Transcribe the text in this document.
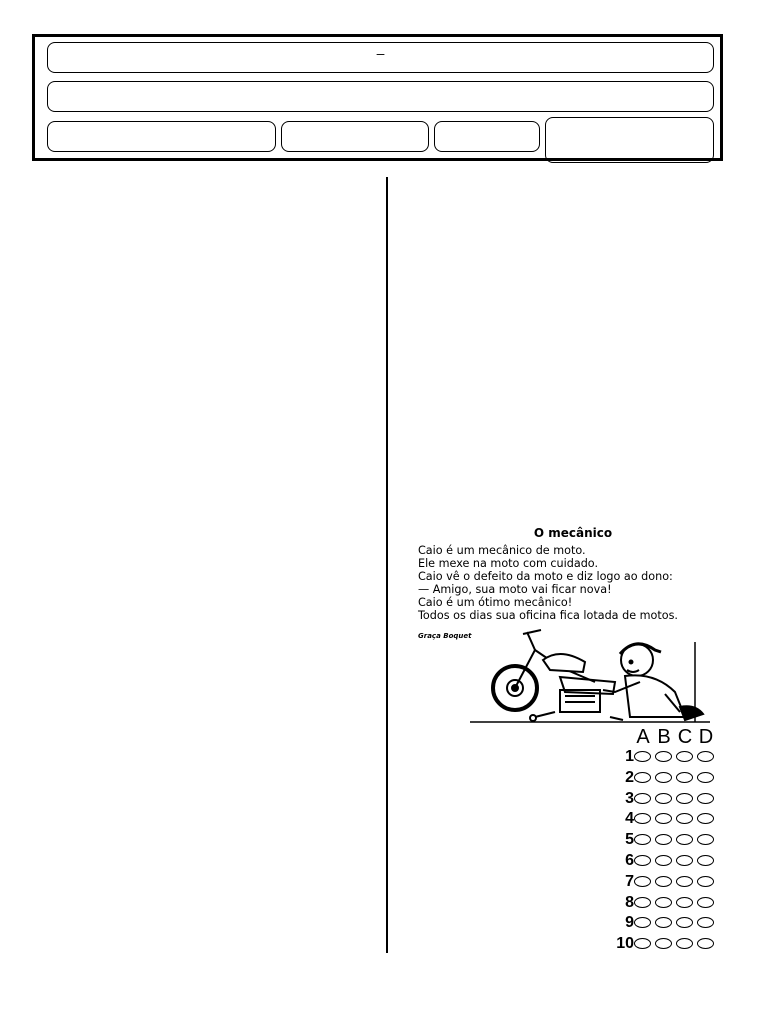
–
O mecânico
Caio é um mecânico de moto.
Ele mexe na moto com cuidado.
Caio vê o defeito da moto e diz logo ao dono:
— Amigo, sua moto vai ficar nova!
Caio é um ótimo mecânico!
Todos os dias sua oficina fica lotada de motos.
Graça Boquet
A B C D
1
2
3
4
5
6
7
8
9
10
